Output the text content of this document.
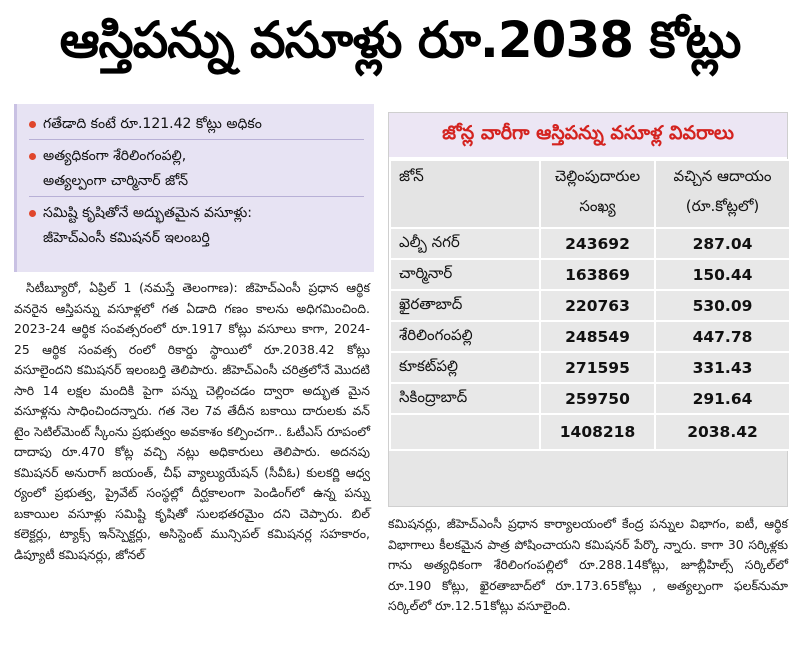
ఆస్తిపన్ను వసూళ్లు రూ.2038 కోట్లు
గతేడాది కంటే రూ.121.42 కోట్లు అధికం
అత్యధికంగా శేరిలింగంపల్లి,
అత్యల్పంగా చార్మినార్ జోన్
సమిష్టి కృషితోనే అద్భుతమైన వసూళ్లు:
జీహెచ్ఎంసీ కమిషనర్ ఇలంబర్తి

సిటీబ్యూరో, ఏప్రిల్ 1 (నమస్తే తెలంగాణ): జీహెచ్ఎంసీ ప్రధాన ఆర్థిక వనరైన ఆస్తిపన్ను వసూళ్లలో గత ఏడాది గణం కాలను అధిగమించింది. 2023-24 ఆర్థిక సంవత్సరంలో రూ.1917 కోట్లు వసూలు కాగా, 2024-25 ఆర్థిక సంవత్స రంలో రికార్డు స్థాయిలో రూ.2038.42 కోట్లు వసూలైందని కమిషనర్ ఇలంబర్తి తెలిపారు. జీహెచ్ఎంసీ చరిత్రలోనే మొదటి సారి 14 లక్షల మందికి పైగా పన్ను చెల్లించడం ద్వారా అద్భుత మైన వసూళ్లను సాధించిందన్నారు. గత నెల 7వ తేదీన బకాయి దారులకు వన్ టైం సెటిల్‌మెంట్ స్కీంను ప్రభుత్వం అవకాశం కల్పించగా.. ఓటీఎస్ రూపంలో దాదాపు రూ.470 కోట్ల వచ్చి నట్లు అధికారులు తెలిపారు. అదనపు కమిషనర్ అనురాగ్ జయంత్, చీఫ్ వ్యాల్యుయేషన్ (సీవీఓ) కులకర్ణి ఆధ్వ ర్యంలో ప్రభుత్వ, ప్రైవేట్ సంస్థల్లో దీర్ఘకాలంగా పెండింగ్‌లో ఉన్న పన్ను బకాయిల వసూళ్లు సమిష్టి కృషితో సులభతరమైం దని చెప్పారు. బిల్ కలెక్టర్లు, ట్యాక్స్ ఇన్‌స్పెక్టర్లు, అసిస్టెంట్ మున్సిపల్ కమిషనర్ల సహకారం, డిప్యూటీ కమిషనర్లు, జోనల్

జోన్ల వారీగా ఆస్తిపన్ను వసూళ్ల వివరాలు
జోన్	చెల్లింపుదారుల సంఖ్య	వచ్చిన ఆదాయం (రూ.కోట్లలో)
ఎల్బీ నగర్	243692	287.04
చార్మినార్	163869	150.44
ఖైరతాబాద్	220763	530.09
శేరిలింగంపల్లి	248549	447.78
కూకట్‌పల్లి	271595	331.43
సికింద్రాబాద్	259750	291.64
	1408218	2038.42

కమిషనర్లు, జీహెచ్ఎంసీ ప్రధాన కార్యాలయంలో కేంద్ర పన్నుల విభాగం, ఐటీ, ఆర్థిక విభాగాలు కీలకమైన పాత్ర పోషించాయని కమిషనర్ పేర్కొ న్నారు. కాగా 30 సర్కిళ్లకు గాను అత్యధికంగా శేరిలింగంపల్లిలో రూ.288.14కోట్లు, జూబ్లీహిల్స్ సర్కిల్‌లో రూ.190 కోట్లు, ఖైరతాబాద్‌లో రూ.173.65కోట్లు , అత్యల్పంగా ఫలక్‌నుమా సర్కిల్‌లో రూ.12.51కోట్లు వసూలైంది.
